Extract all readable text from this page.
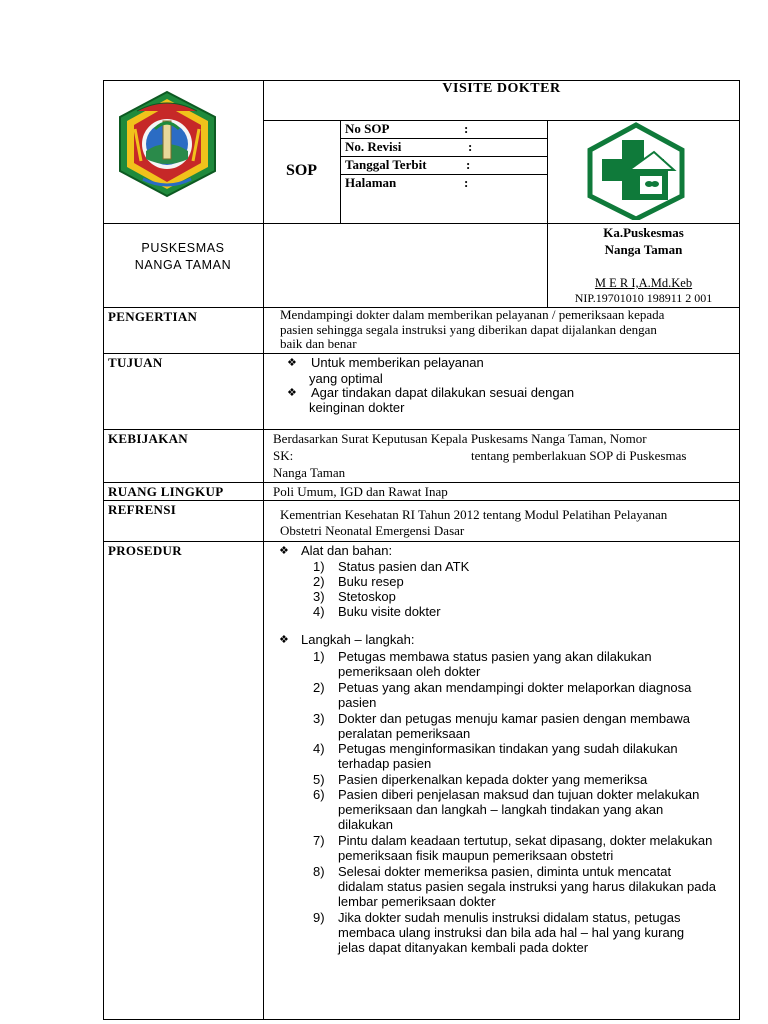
VISITE DOKTER
SOP
No SOP	:
No. Revisi	:
Tanggal Terbit	:
Halaman	:
PUSKESMAS
NANGA TAMAN
Ka.Puskesmas
Nanga Taman
M E R I,A.Md.Keb
NIP.19701010 198911 2 001
PENGERTIAN	Mendampingi dokter dalam memberikan pelayanan / pemeriksaan kepada
pasien sehingga segala instruksi yang diberikan dapat dijalankan dengan
baik dan benar
TUJUAN	❖ Untuk memberikan pelayanan
yang optimal
❖ Agar tindakan dapat dilakukan sesuai dengan
keinginan dokter
KEBIJAKAN	Berdasarkan Surat Keputusan Kepala Puskesams Nanga Taman, Nomor
SK:	tentang pemberlakuan SOP di Puskesmas
Nanga Taman
RUANG LINGKUP	Poli Umum, IGD dan Rawat Inap
REFRENSI	Kementrian Kesehatan RI Tahun 2012 tentang Modul Pelatihan Pelayanan
Obstetri Neonatal Emergensi Dasar
PROSEDUR	❖ Alat dan bahan:
1) Status pasien dan ATK
2) Buku resep
3) Stetoskop
4) Buku visite dokter
❖ Langkah – langkah:
1) Petugas membawa status pasien yang akan dilakukan
pemeriksaan oleh dokter
2) Petuas yang akan mendampingi dokter melaporkan diagnosa
pasien
3) Dokter dan petugas menuju kamar pasien dengan membawa
peralatan pemeriksaan
4) Petugas menginformasikan tindakan yang sudah dilakukan
terhadap pasien
5) Pasien diperkenalkan kepada dokter yang memeriksa
6) Pasien diberi penjelasan maksud dan tujuan dokter melakukan
pemeriksaan dan langkah – langkah tindakan yang akan
dilakukan
7) Pintu dalam keadaan tertutup, sekat dipasang, dokter melakukan
pemeriksaan fisik maupun pemeriksaan obstetri
8) Selesai dokter memeriksa pasien, diminta untuk mencatat
didalam status pasien segala instruksi yang harus dilakukan pada
lembar pemeriksaan dokter
9) Jika dokter sudah menulis instruksi didalam status, petugas
membaca ulang instruksi dan bila ada hal – hal yang kurang
jelas dapat ditanyakan kembali pada dokter
